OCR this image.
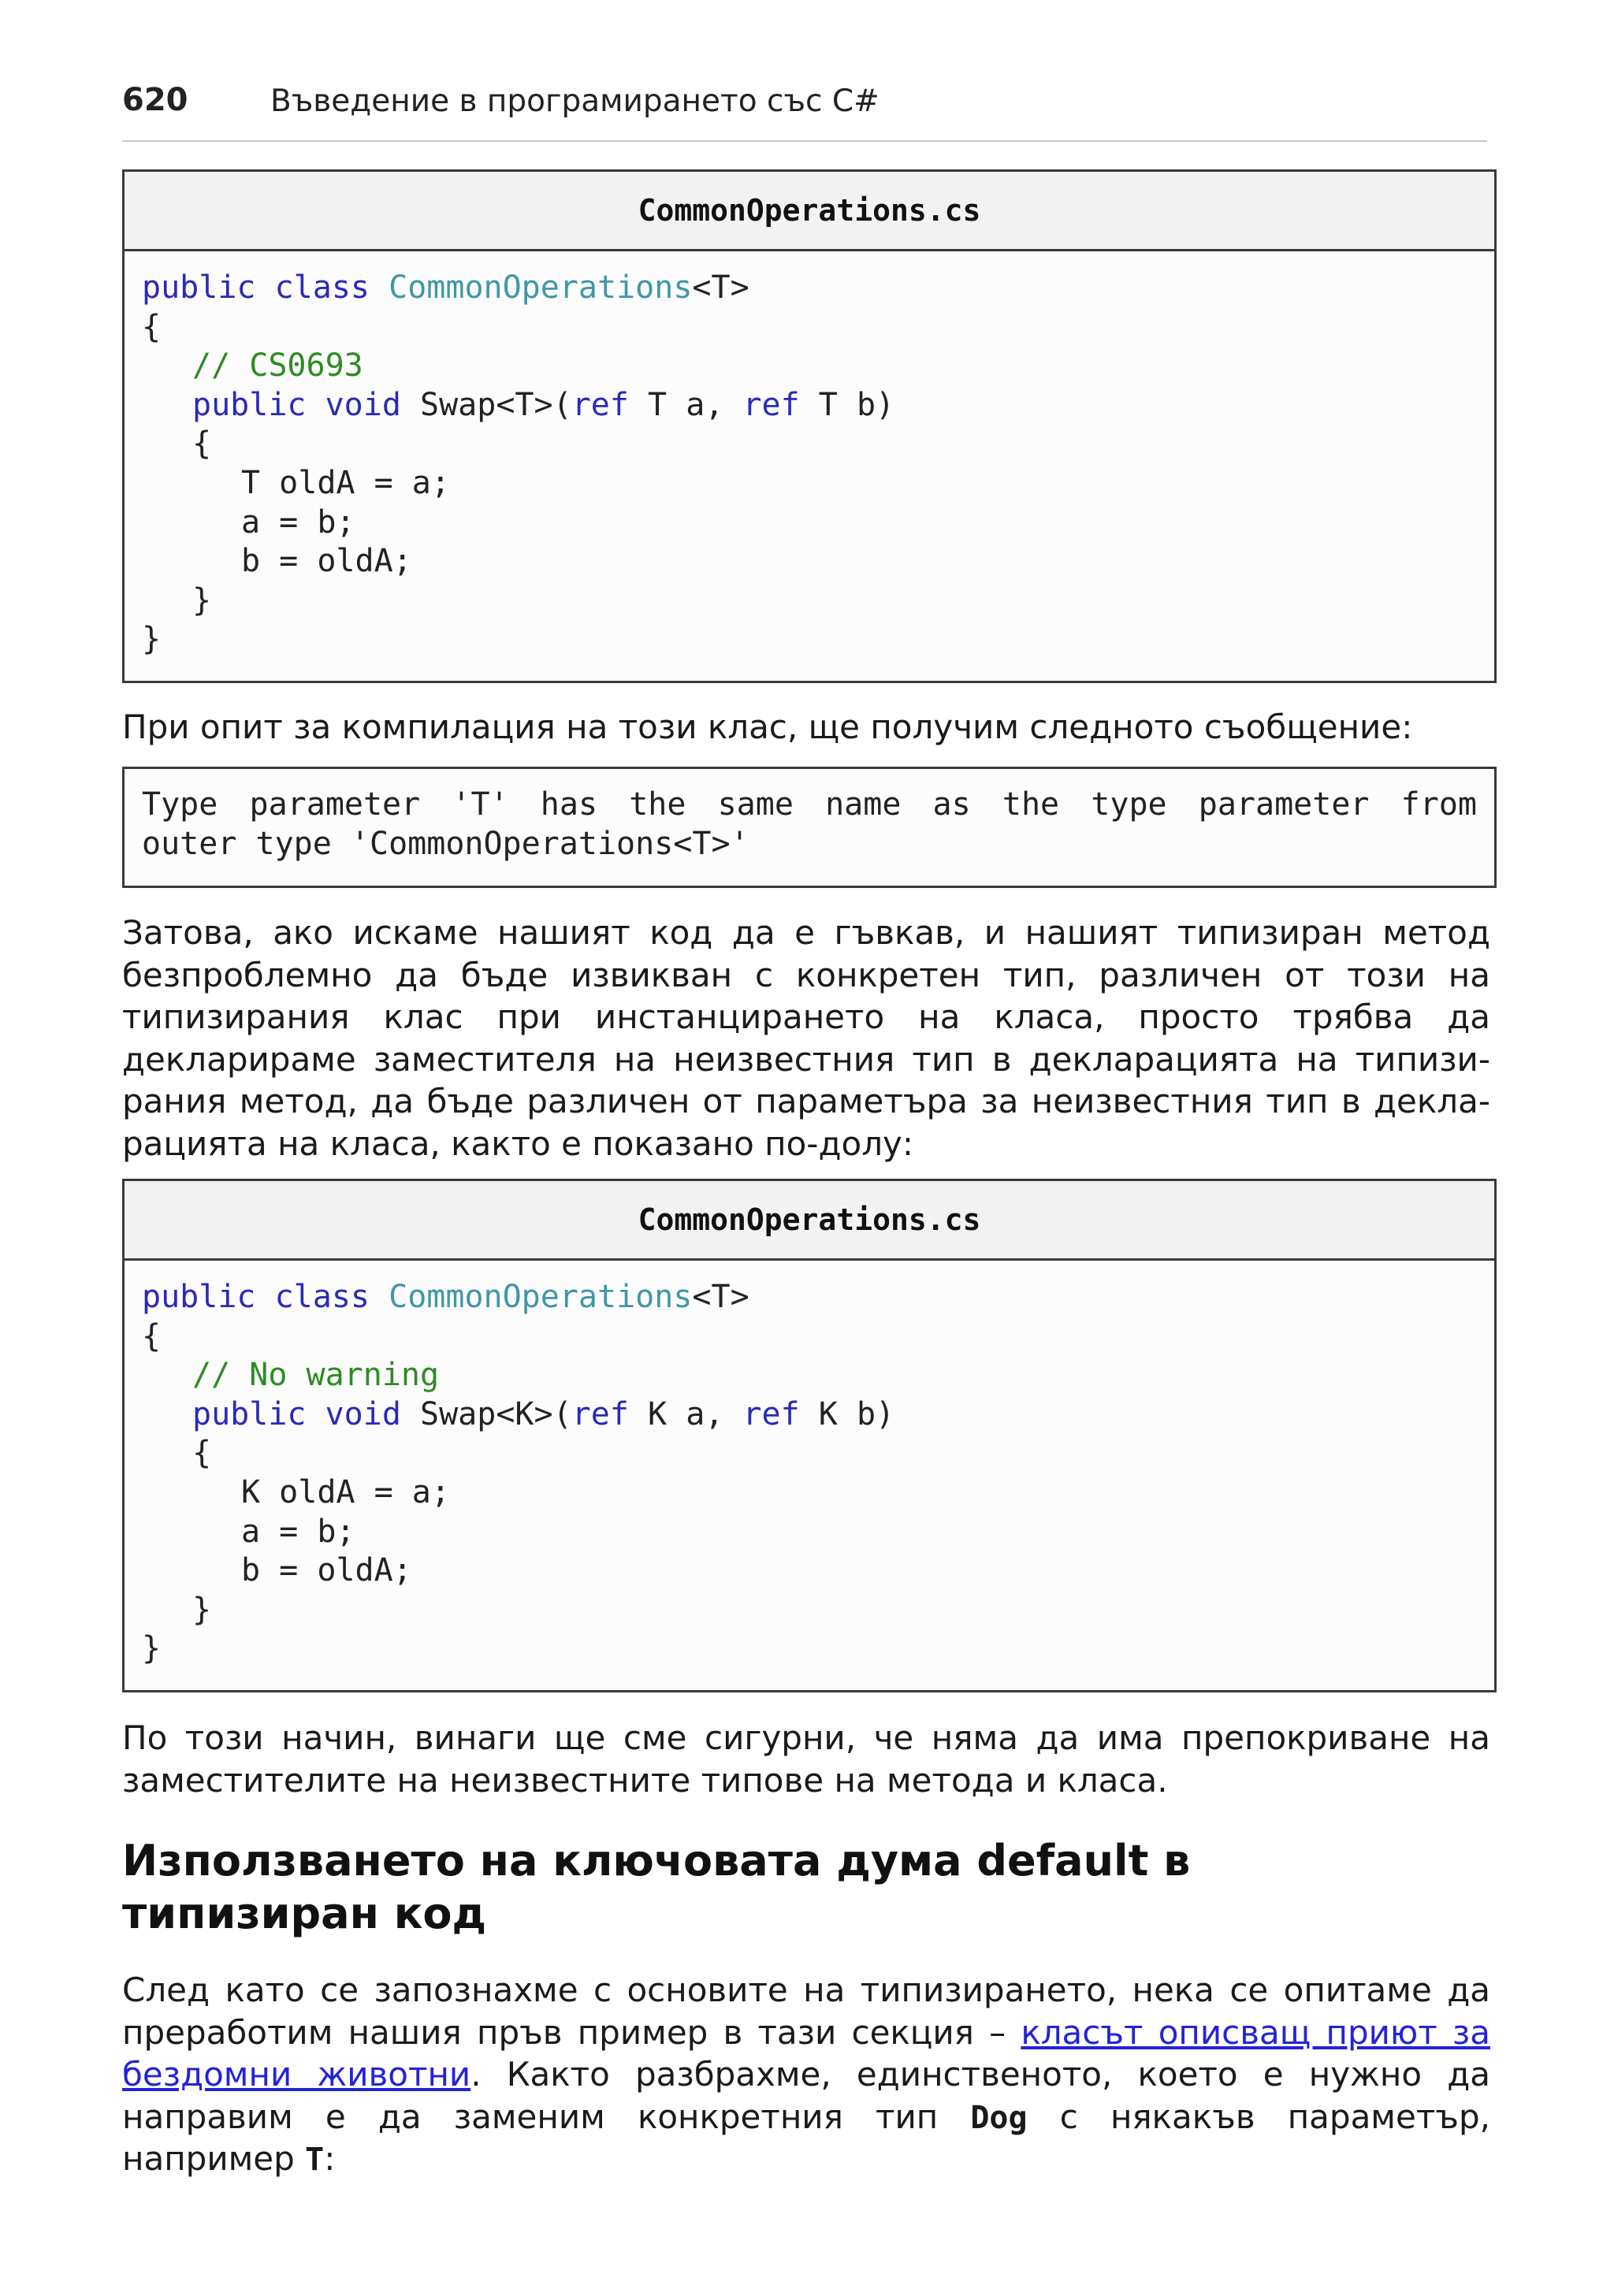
620	Въведение в програмирането със C#
CommonOperations.cs
public class CommonOperations<T>
{
// CS0693
public void Swap<T>(ref T a, ref T b)
{
T oldA = a;
a = b;
b = oldA;
}
}
При опит за компилация на този клас, ще получим следното съобщение:
Type parameter 'T' has the same name as the type parameter from
outer type 'CommonOperations<T>'
Затова, ако искаме нашият код да е гъвкав, и нашият типизиран метод
безпроблемно да бъде извикван с конкретен тип, различен от този на
типизирания клас при инстанцирането на класа, просто трябва да
декларираме заместителя на неизвестния тип в декларацията на типизи-
рания метод, да бъде различен от параметъра за неизвестния тип в декла-
рацията на класа, както е показано по-долу:
CommonOperations.cs
public class CommonOperations<T>
{
// No warning
public void Swap<K>(ref K a, ref K b)
{
K oldA = a;
a = b;
b = oldA;
}
}
По този начин, винаги ще сме сигурни, че няма да има препокриване на
заместителите на неизвестните типове на метода и класа.
Използването на ключовата дума default в
типизиран код
След като се запознахме с основите на типизирането, нека се опитаме да
преработим нашия пръв пример в тази секция – класът описващ приют за
бездомни животни. Както разбрахме, единственото, което е нужно да
направим е да заменим конкретния тип Dog с някакъв параметър,
например T:
